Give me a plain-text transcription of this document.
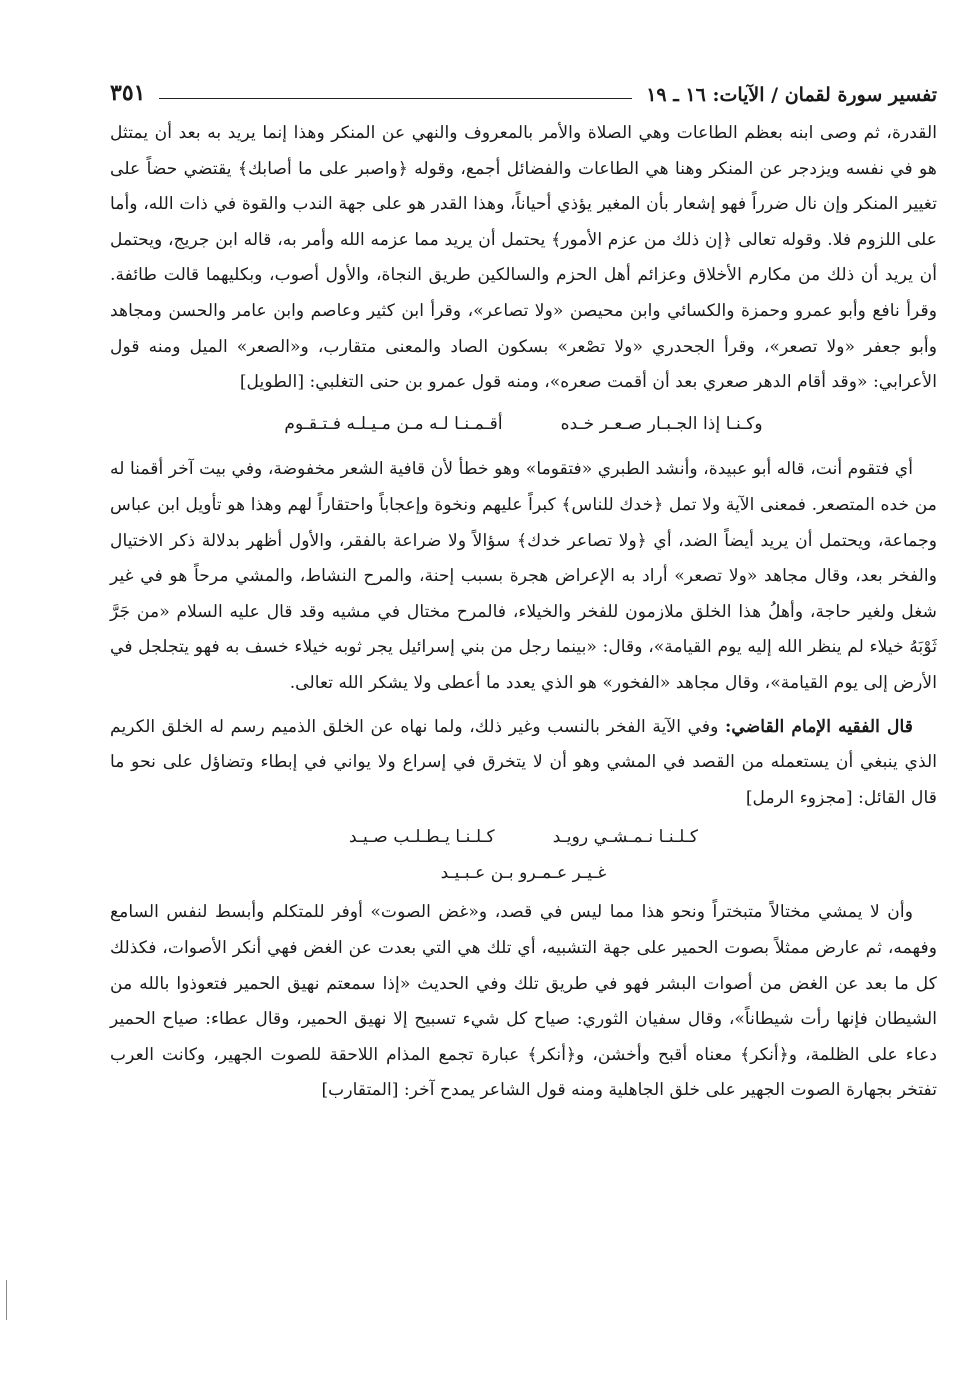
تفسير سورة لقمان / الآيات: ١٦ ـ ١٩
٣٥١

القدرة، ثم وصى ابنه بعظم الطاعات وهي الصلاة والأمر بالمعروف والنهي عن المنكر وهذا إنما يريد به بعد أن يمتثل هو في نفسه ويزدجر عن المنكر وهنا هي الطاعات والفضائل أجمع، وقوله ﴿واصبر على ما أصابك﴾ يقتضي حضاً على تغيير المنكر وإن نال ضرراً فهو إشعار بأن المغير يؤذي أحياناً، وهذا القدر هو على جهة الندب والقوة في ذات الله، وأما على اللزوم فلا. وقوله تعالى ﴿إن ذلك من عزم الأمور﴾ يحتمل أن يريد مما عزمه الله وأمر به، قاله ابن جريج، ويحتمل أن يريد أن ذلك من مكارم الأخلاق وعزائم أهل الحزم والسالكين طريق النجاة، والأول أصوب، وبكليهما قالت طائفة. وقرأ نافع وأبو عمرو وحمزة والكسائي وابن محيصن «ولا تصاعر»، وقرأ ابن كثير وعاصم وابن عامر والحسن ومجاهد وأبو جعفر «ولا تصعر»، وقرأ الجحدري «ولا تصْعر» بسكون الصاد والمعنى متقارب، و«الصعر» الميل ومنه قول الأعرابي: «وقد أقام الدهر صعري بعد أن أقمت صعره»، ومنه قول عمرو بن حنى التغلبي: [الطويل]

وكـنـا إذا الجـبـار صـعـر خـده
أقـمـنـا لـه مـن مـيـلـه فـتـقـوم

أي فتقوم أنت، قاله أبو عبيدة، وأنشد الطبري «فتقوما» وهو خطأ لأن قافية الشعر مخفوضة، وفي بيت آخر أقمنا له من خده المتصعر. فمعنى الآية ولا تمل ﴿خدك للناس﴾ كبراً عليهم ونخوة وإعجاباً واحتقاراً لهم وهذا هو تأويل ابن عباس وجماعة، ويحتمل أن يريد أيضاً الضد، أي ﴿ولا تصاعر خدك﴾ سؤالاً ولا ضراعة بالفقر، والأول أظهر بدلالة ذكر الاختيال والفخر بعد، وقال مجاهد «ولا تصعر» أراد به الإعراض هجرة بسبب إحنة، والمرح النشاط، والمشي مرحاً هو في غير شغل ولغير حاجة، وأهلُ هذا الخلق ملازمون للفخر والخيلاء، فالمرح مختال في مشيه وقد قال عليه السلام «من جَرَّ ثَوْبَهُ خيلاء لم ينظر الله إليه يوم القيامة»، وقال: «بينما رجل من بني إسرائيل يجر ثوبه خيلاء خسف به فهو يتجلجل في الأرض إلى يوم القيامة»، وقال مجاهد «الفخور» هو الذي يعدد ما أعطى ولا يشكر الله تعالى.

قال الفقيه الإمام القاضي: وفي الآية الفخر بالنسب وغير ذلك، ولما نهاه عن الخلق الذميم رسم له الخلق الكريم الذي ينبغي أن يستعمله من القصد في المشي وهو أن لا يتخرق في إسراع ولا يواني في إبطاء وتضاؤل على نحو ما قال القائل: [مجزوء الرمل]

كـلـنـا نـمـشـي رويـد
كـلـنـا يـطـلـب صـيـد
غـيـر عـمـرو بـن عـبـيـد

وأن لا يمشي مختالاً متبختراً ونحو هذا مما ليس في قصد، و«غض الصوت» أوفر للمتكلم وأبسط لنفس السامع وفهمه، ثم عارض ممثلاً بصوت الحمير على جهة التشبيه، أي تلك هي التي بعدت عن الغض فهي أنكر الأصوات، فكذلك كل ما بعد عن الغض من أصوات البشر فهو في طريق تلك وفي الحديث «إذا سمعتم نهيق الحمير فتعوذوا بالله من الشيطان فإنها رأت شيطاناً»، وقال سفيان الثوري: صياح كل شيء تسبيح إلا نهيق الحمير، وقال عطاء: صياح الحمير دعاء على الظلمة، و﴿أنكر﴾ معناه أقبح وأخشن، و﴿أنكر﴾ عبارة تجمع المذام اللاحقة للصوت الجهير، وكانت العرب تفتخر بجهارة الصوت الجهير على خلق الجاهلية ومنه قول الشاعر يمدح آخر: [المتقارب]
